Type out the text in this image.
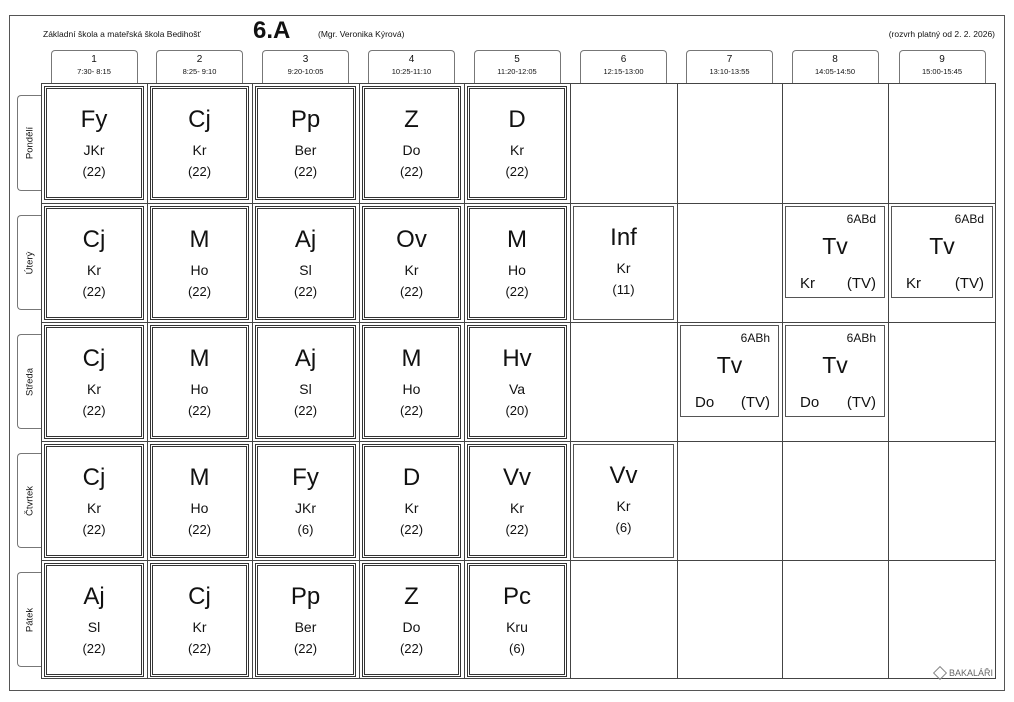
Základní škola a mateřská škola Bedihošť 6.A	(Mgr. Veronika Kýrová)	(rozvrh platný od 2. 2. 2026)
1
7:30- 8:15
2
8:25- 9:10
3
9:20-10:05
4
10:25-11:10
5
11:20-12:05
6
12:15-13:00
7
13:10-13:55
8
14:05-14:50
9
15:00-15:45
Pondělí
Úterý
Středa
Čtvrtek
Pátek
Fy
JKr
(22)
Cj
Kr
(22)
Pp
Ber
(22)
Z
Do
(22)
D
Kr
(22)
Cj
Kr
(22)
M
Ho
(22)
Aj
Sl
(22)
Ov
Kr
(22)
M
Ho
(22)
Inf
Kr
(11)
Cj
Kr
(22)
M
Ho
(22)
Aj
Sl
(22)
M
Ho
(22)
Hv
Va
(20)
Cj
Kr
(22)
M
Ho
(22)
Fy
JKr
(6)
D
Kr
(22)
Vv
Kr
(22)
Vv
Kr
(6)
Aj
Sl
(22)
Cj
Kr
(22)
Pp
Ber
(22)
Z
Do
(22)
Pc
Kru
(6)
6ABd
Tv
Kr (TV)
6ABd
Tv
Kr (TV)
6ABh
Tv
Do (TV)
6ABh
Tv
Do (TV)
BAKALÁŘI
